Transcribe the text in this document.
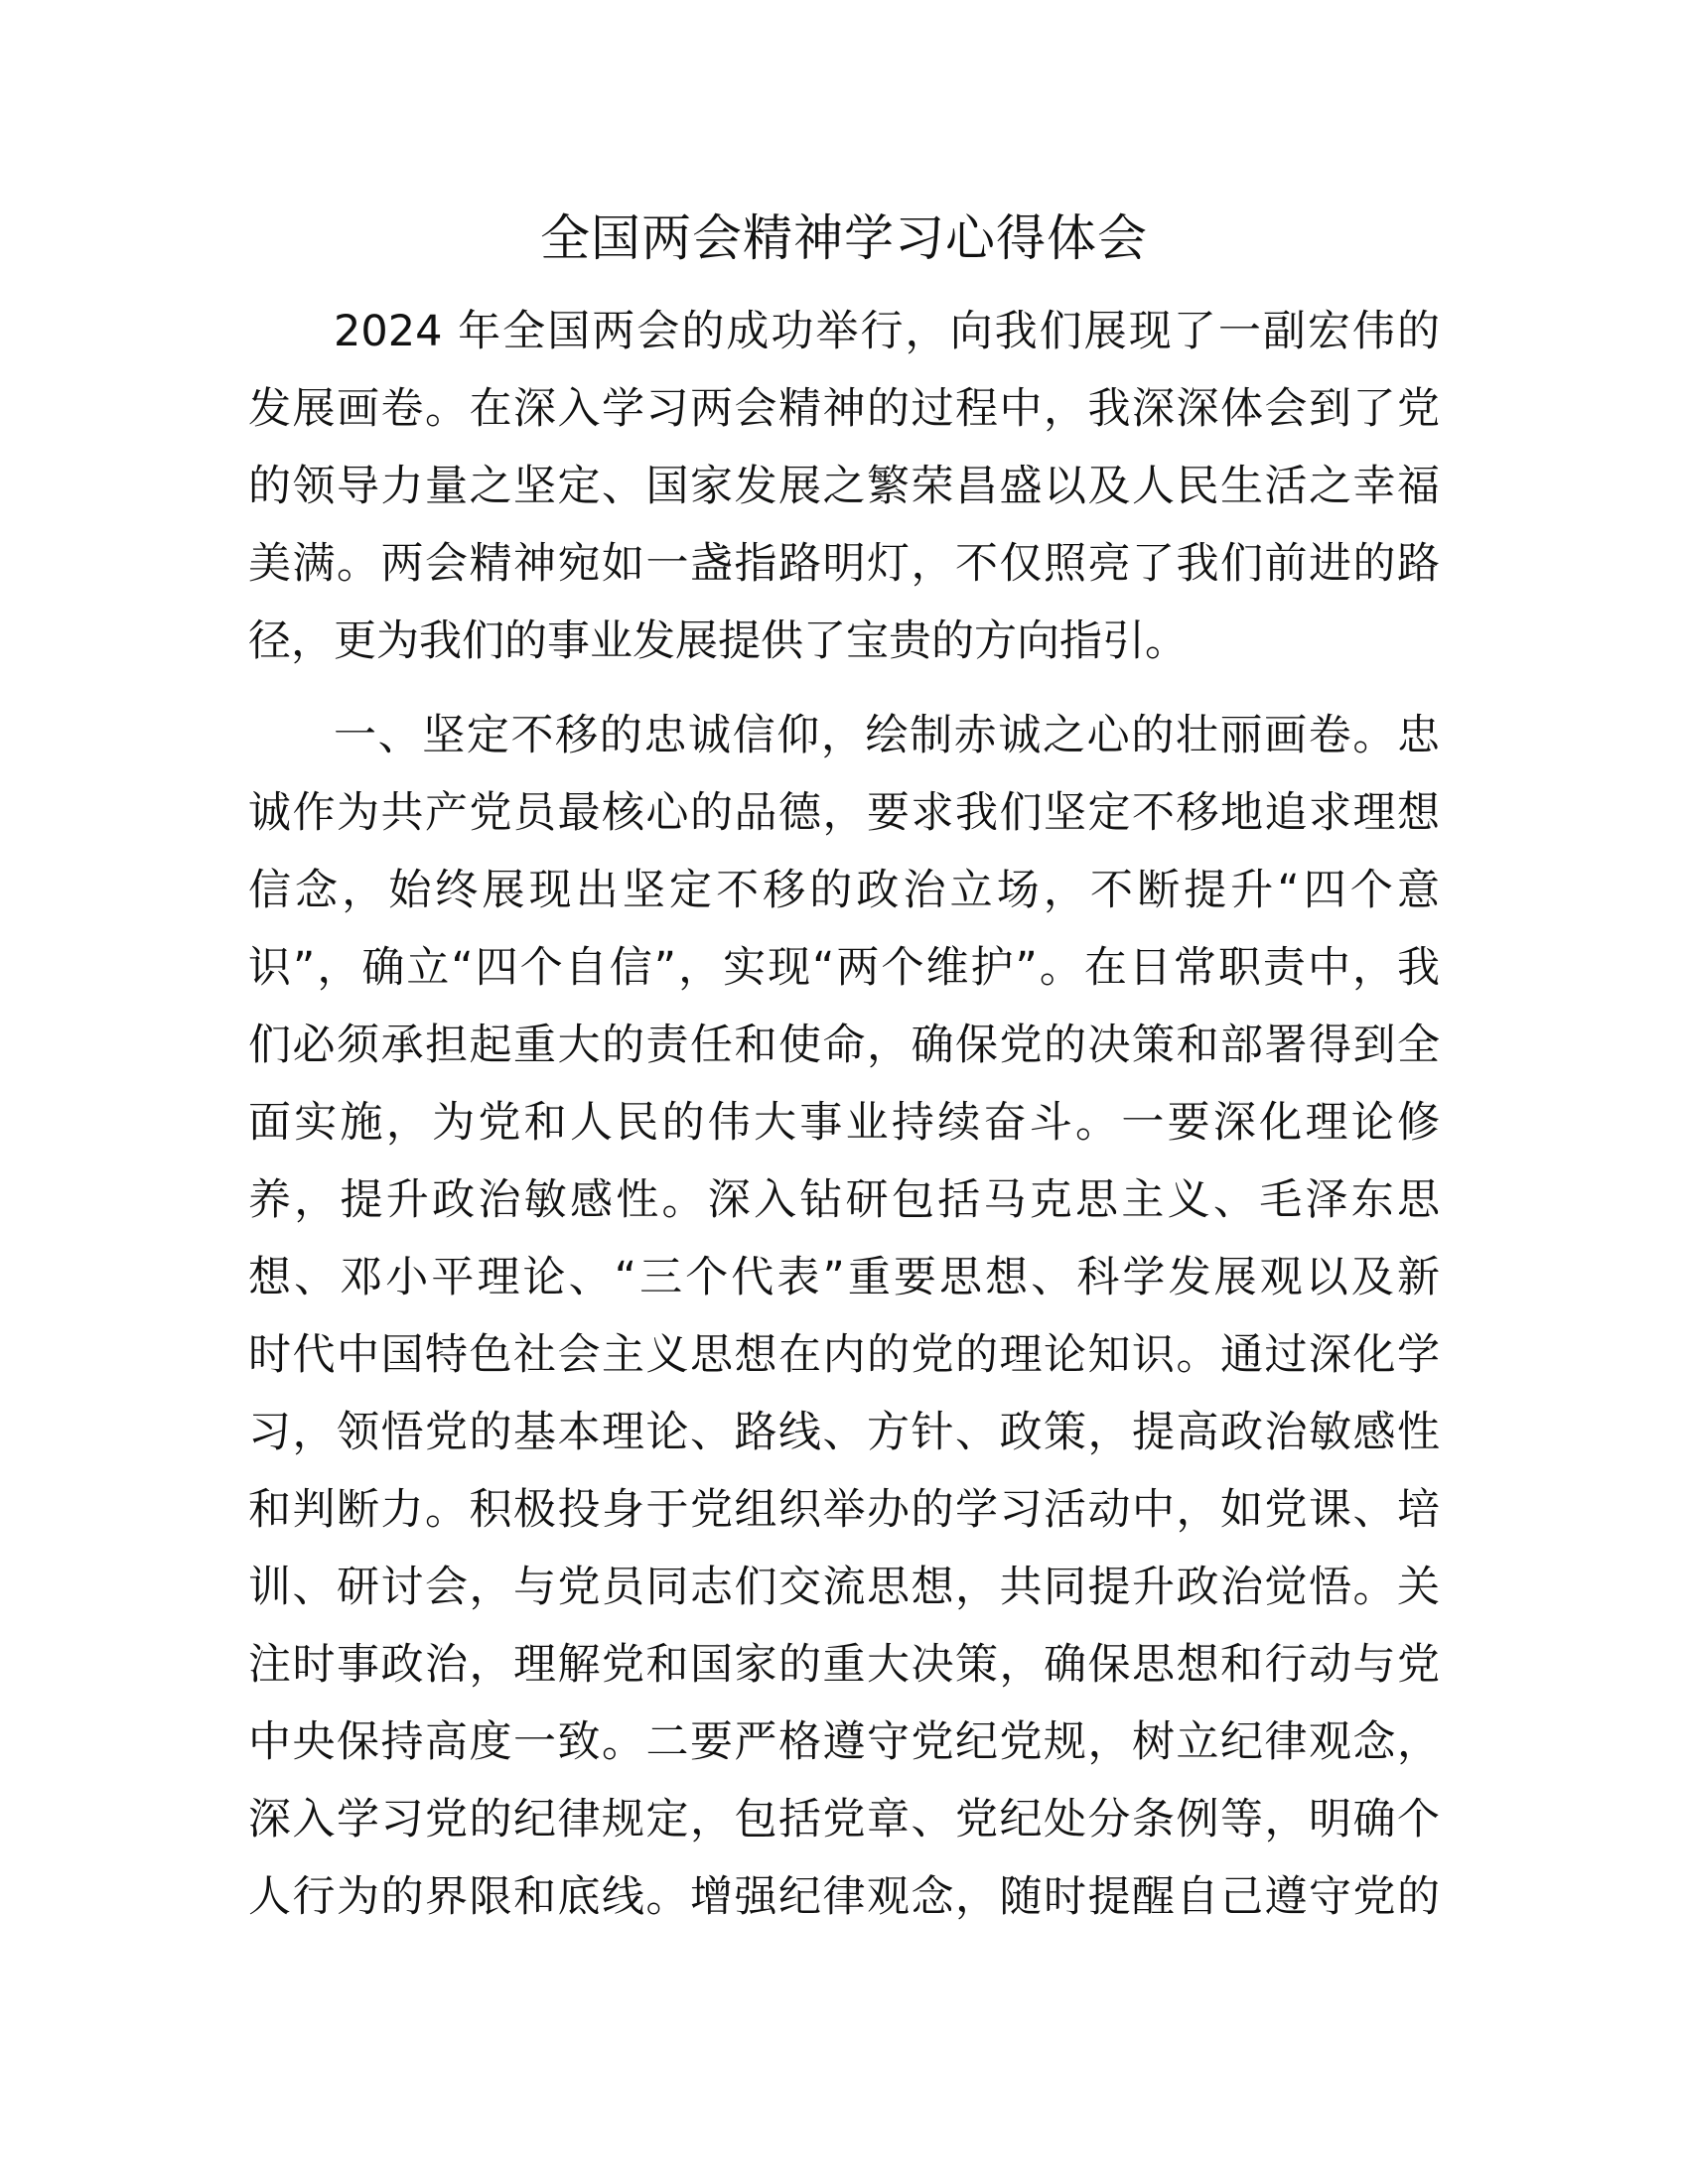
全国两会精神学习心得体会

2024 年全国两会的成功举行，向我们展现了一副宏伟的

发展画卷。在深入学习两会精神的过程中，我深深体会到了党

的领导力量之坚定、国家发展之繁荣昌盛以及人民生活之幸福

美满。两会精神宛如一盏指路明灯，不仅照亮了我们前进的路

径，更为我们的事业发展提供了宝贵的方向指引。

一、坚定不移的忠诚信仰，绘制赤诚之心的壮丽画卷。忠

诚作为共产党员最核心的品德，要求我们坚定不移地追求理想

信念，始终展现出坚定不移的政治立场，不断提升“四个意

识”，确立“四个自信”，实现“两个维护”。在日常职责中，我

们必须承担起重大的责任和使命，确保党的决策和部署得到全

面实施，为党和人民的伟大事业持续奋斗。一要深化理论修

养，提升政治敏感性。深入钻研包括马克思主义、毛泽东思

想、邓小平理论、“三个代表”重要思想、科学发展观以及新

时代中国特色社会主义思想在内的党的理论知识。通过深化学

习，领悟党的基本理论、路线、方针、政策，提高政治敏感性

和判断力。积极投身于党组织举办的学习活动中，如党课、培

训、研讨会，与党员同志们交流思想，共同提升政治觉悟。关

注时事政治，理解党和国家的重大决策，确保思想和行动与党

中央保持高度一致。二要严格遵守党纪党规，树立纪律观念，

深入学习党的纪律规定，包括党章、党纪处分条例等，明确个

人行为的界限和底线。增强纪律观念，随时提醒自己遵守党的
